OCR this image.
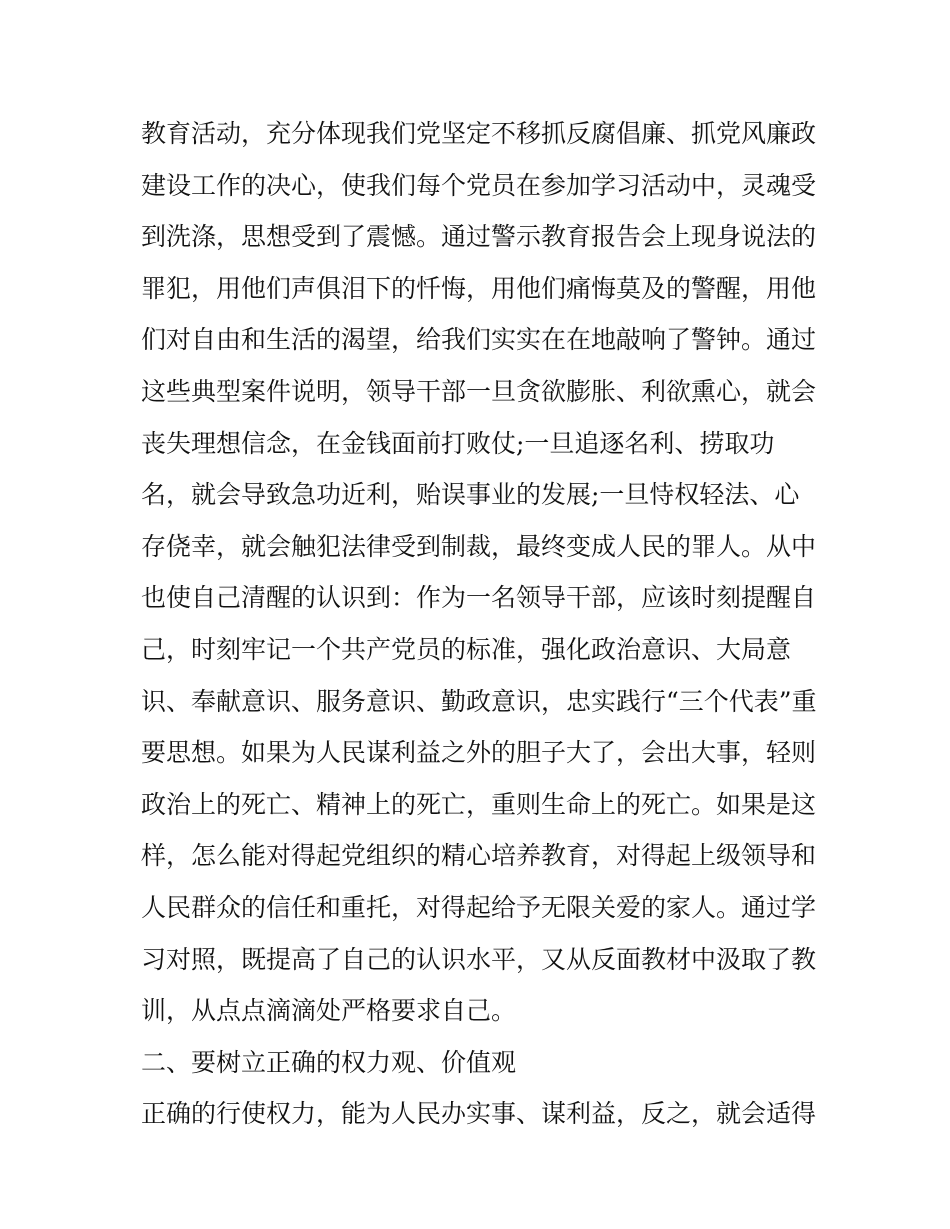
教育活动，充分体现我们党坚定不移抓反腐倡廉、抓党风廉政
建设工作的决心，使我们每个党员在参加学习活动中，灵魂受
到洗涤，思想受到了震憾。通过警示教育报告会上现身说法的
罪犯，用他们声俱泪下的忏悔，用他们痛悔莫及的警醒，用他
们对自由和生活的渴望，给我们实实在在地敲响了警钟。通过
这些典型案件说明，领导干部一旦贪欲膨胀、利欲熏心，就会
丧失理想信念，在金钱面前打败仗;一旦追逐名利、捞取功
名，就会导致急功近利，贻误事业的发展;一旦恃权轻法、心
存侥幸，就会触犯法律受到制裁，最终变成人民的罪人。从中
也使自己清醒的认识到：作为一名领导干部，应该时刻提醒自
己，时刻牢记一个共产党员的标准，强化政治意识、大局意
识、奉献意识、服务意识、勤政意识，忠实践行“三个代表”重
要思想。如果为人民谋利益之外的胆子大了，会出大事，轻则
政治上的死亡、精神上的死亡，重则生命上的死亡。如果是这
样，怎么能对得起党组织的精心培养教育，对得起上级领导和
人民群众的信任和重托，对得起给予无限关爱的家人。通过学
习对照，既提高了自己的认识水平，又从反面教材中汲取了教
训，从点点滴滴处严格要求自己。
二、要树立正确的权力观、价值观
正确的行使权力，能为人民办实事、谋利益，反之，就会适得
